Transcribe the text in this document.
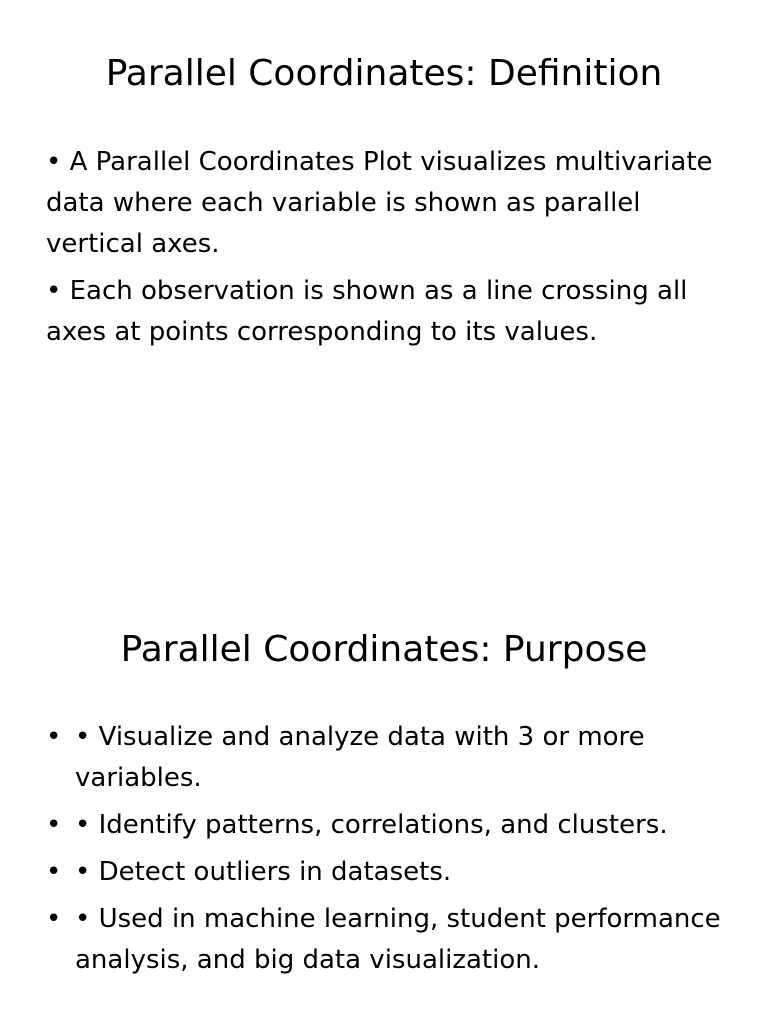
Parallel Coordinates: Definition

• A Parallel Coordinates Plot visualizes multivariate data where each variable is shown as parallel vertical axes.

• Each observation is shown as a line crossing all axes at points corresponding to its values.

Parallel Coordinates: Purpose
• • Visualize and analyze data with 3 or more variables.
• • Identify patterns, correlations, and clusters.
• • Detect outliers in datasets.
• • Used in machine learning, student performance analysis, and big data visualization.
